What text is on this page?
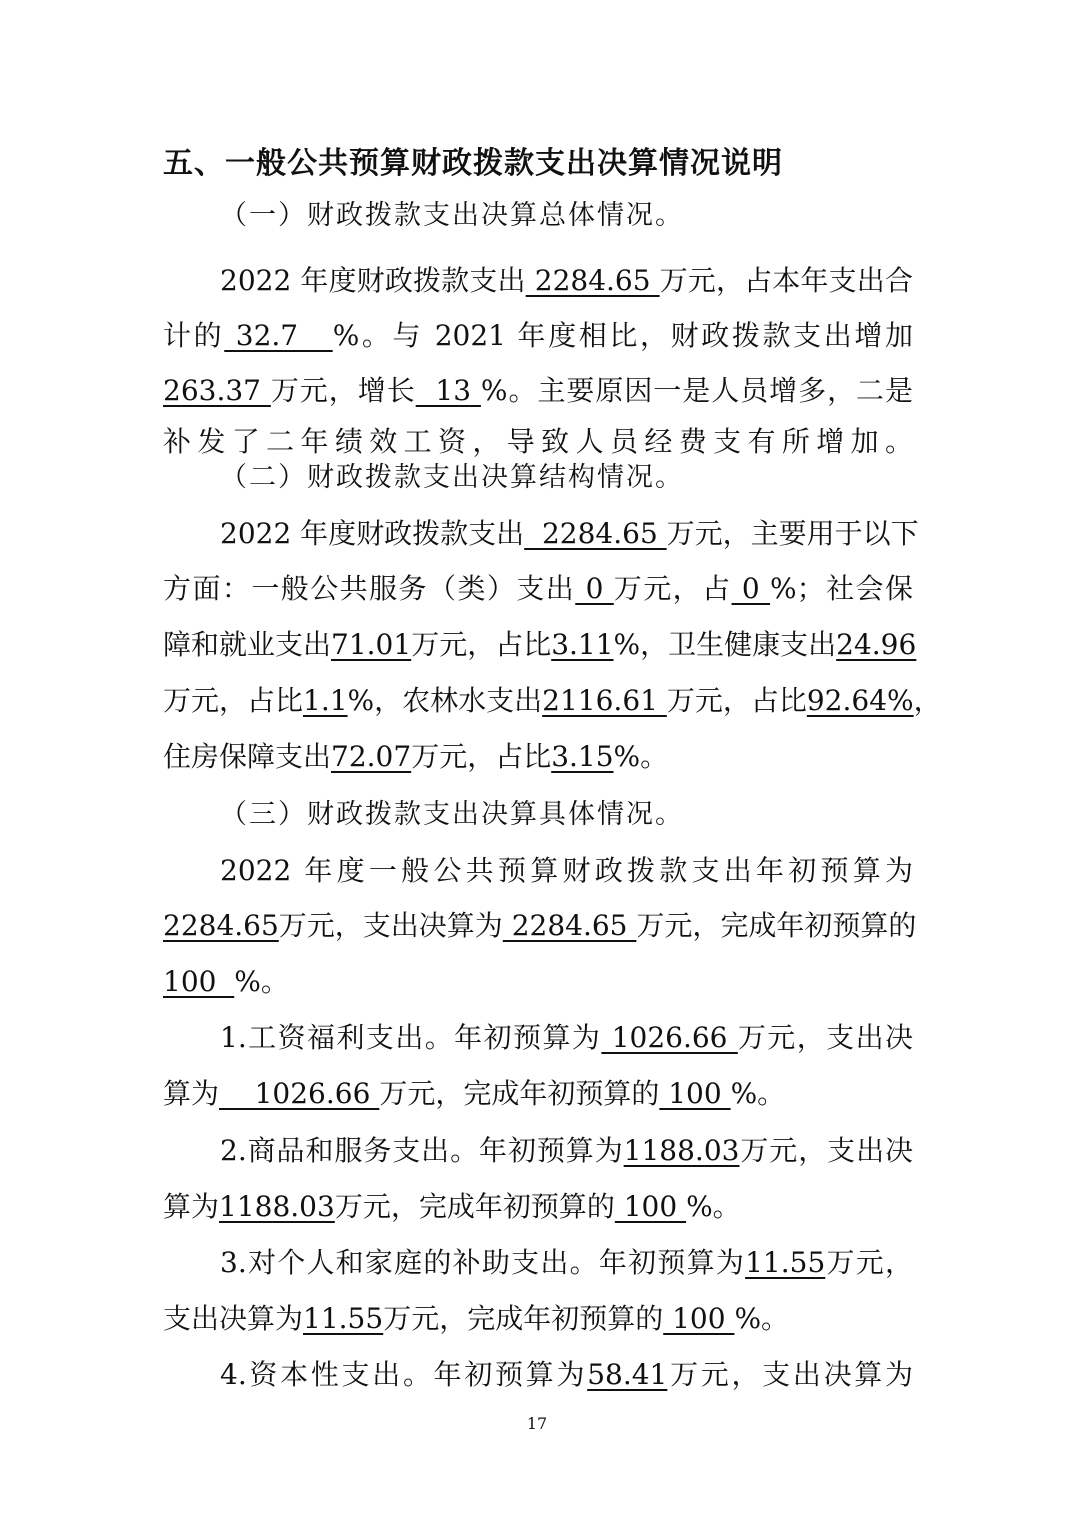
五、一般公共预算财政拨款支出决算情况说明
（一）财政拨款支出决算总体情况。
2022 年度财政拨款支出 2284.65 万元，占本年支出合
计的 32.7   %。与 2021 年度相比，财政拨款支出增加
263.37 万元，增长  13 %。主要原因一是人员增多，二是
补发了二年绩效工资，导致人员经费支有所增加。
（二）财政拨款支出决算结构情况。
2022 年度财政拨款支出  2284.65 万元，主要用于以下
方面：一般公共服务（类）支出 0 万元，占 0 %；社会保
障和就业支出71.01万元，占比3.11%，卫生健康支出24.96
万元，占比1.1%，农林水支出2116.61 万元，占比92.64%，
住房保障支出72.07万元，占比3.15%。
（三）财政拨款支出决算具体情况。
2022 年度一般公共预算财政拨款支出年初预算为
2284.65万元，支出决算为 2284.65 万元，完成年初预算的
100  %。
1.工资福利支出。年初预算为 1026.66 万元，支出决
算为    1026.66 万元，完成年初预算的 100 %。
2.商品和服务支出。年初预算为1188.03万元，支出决
算为1188.03万元，完成年初预算的 100 %。
3.对个人和家庭的补助支出。年初预算为11.55万元，
支出决算为11.55万元，完成年初预算的 100 %。
4.资本性支出。年初预算为58.41万元，支出决算为
17
